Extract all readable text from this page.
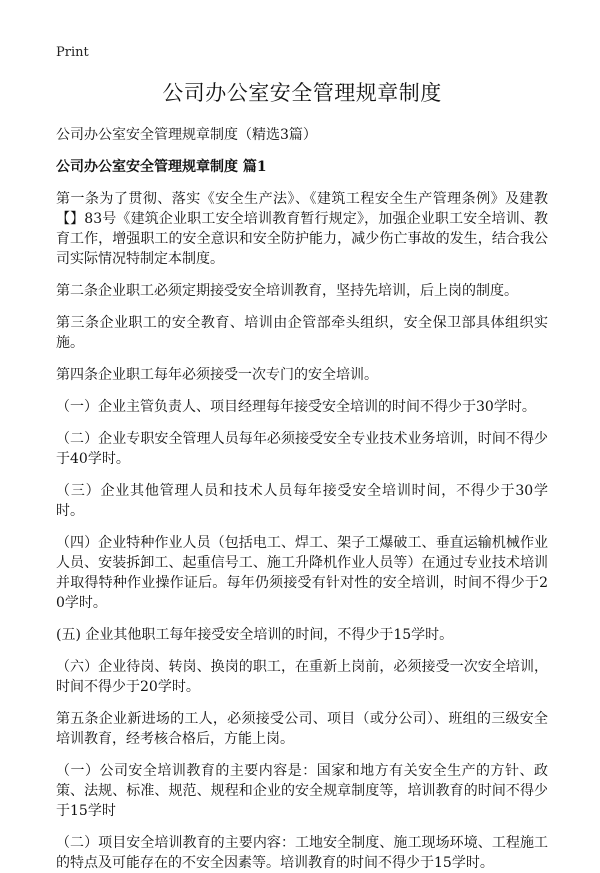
Print
公司办公室安全管理规章制度
公司办公室安全管理规章制度（精选3篇）
公司办公室安全管理规章制度 篇1

第一条为了贯彻、落实《安全生产法》、《建筑工程安全生产管理条例》及建教【】83号《建筑企业职工安全培训教育暂行规定》，加强企业职工安全培训、教育工作，增强职工的安全意识和安全防护能力，减少伤亡事故的发生，结合我公司实际情况特制定本制度。

第二条企业职工必须定期接受安全培训教育，坚持先培训，后上岗的制度。

第三条企业职工的安全教育、培训由企管部牵头组织，安全保卫部具体组织实施。

第四条企业职工每年必须接受一次专门的安全培训。

（一）企业主管负责人、项目经理每年接受安全培训的时间不得少于30学时。

（二）企业专职安全管理人员每年必须接受安全专业技术业务培训，时间不得少于40学时。

（三）企业其他管理人员和技术人员每年接受安全培训时间，不得少于30学时。

（四）企业特种作业人员（包括电工、焊工、架子工爆破工、垂直运输机械作业人员、安装拆卸工、起重信号工、施工升降机作业人员等）在通过专业技术培训并取得特种作业操作证后。每年仍须接受有针对性的安全培训，时间不得少于20学时。

(五) 企业其他职工每年接受安全培训的时间，不得少于15学时。

（六）企业待岗、转岗、换岗的职工，在重新上岗前，必须接受一次安全培训，时间不得少于20学时。

第五条企业新进场的工人，必须接受公司、项目（或分公司）、班组的三级安全培训教育，经考核合格后，方能上岗。

（一）公司安全培训教育的主要内容是：国家和地方有关安全生产的方针、政策、法规、标准、规范、规程和企业的安全规章制度等，培训教育的时间不得少于15学时

（二）项目安全培训教育的主要内容：工地安全制度、施工现场环境、工程施工的特点及可能存在的不安全因素等。培训教育的时间不得少于15学时。
